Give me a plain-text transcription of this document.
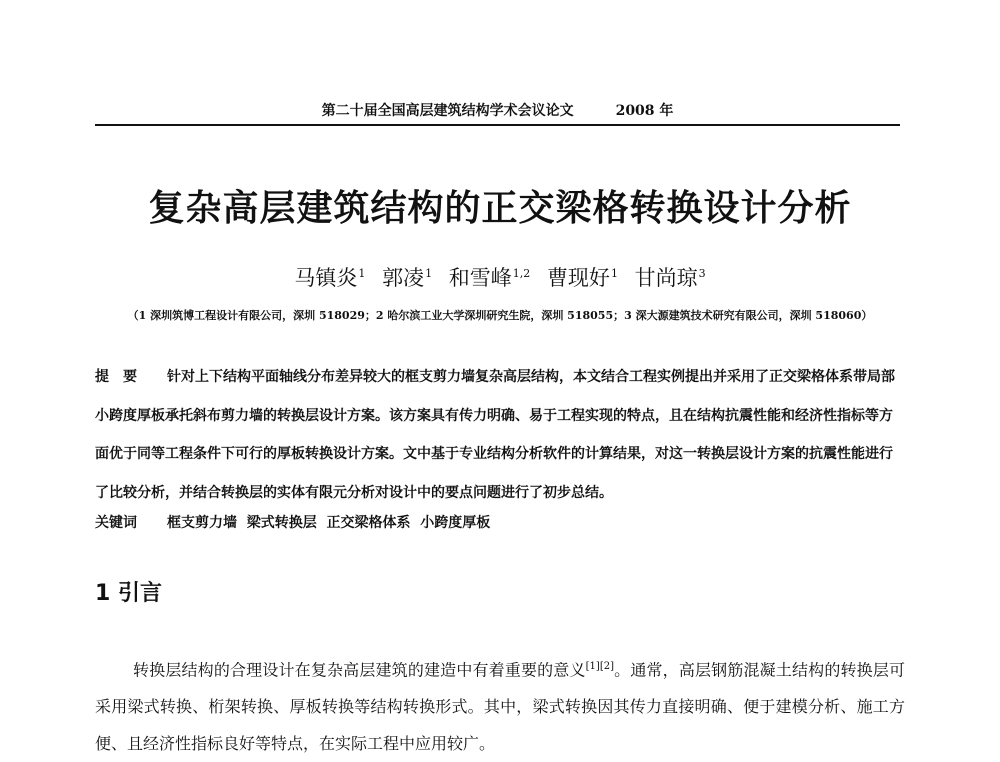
第二十届全国高层建筑结构学术会议论文	2008 年
复杂高层建筑结构的正交梁格转换设计分析
马镇炎$^1$ 郭凌$^1$ 和雪峰$^{1,2}$ 曹现好$^1$ 甘尚琼$^3$
（1 深圳筑博工程设计有限公司，深圳 518029；2 哈尔滨工业大学深圳研究生院，深圳 518055；3 深大源建筑技术研究有限公司，深圳 518060）
提　要 针对上下结构平面轴线分布差异较大的框支剪力墙复杂高层结构，本文结合工程实例提出并采用了正交梁格体系带局部小跨度厚板承托斜布剪力墙的转换层设计方案。该方案具有传力明确、易于工程实现的特点，且在结构抗震性能和经济性指标等方面优于同等工程条件下可行的厚板转换设计方案。文中基于专业结构分析软件的计算结果，对这一转换层设计方案的抗震性能进行了比较分析，并结合转换层的实体有限元分析对设计中的要点问题进行了初步总结。
关键词 框支剪力墙  梁式转换层  正交梁格体系  小跨度厚板
1 引言
转换层结构的合理设计在复杂高层建筑的建造中有着重要的意义[1][2]。通常，高层钢筋混凝土结构的转换层可采用梁式转换、桁架转换、厚板转换等结构转换形式。其中，梁式转换因其传力直接明确、便于建模分析、施工方便、且经济性指标良好等特点，在实际工程中应用较广。
